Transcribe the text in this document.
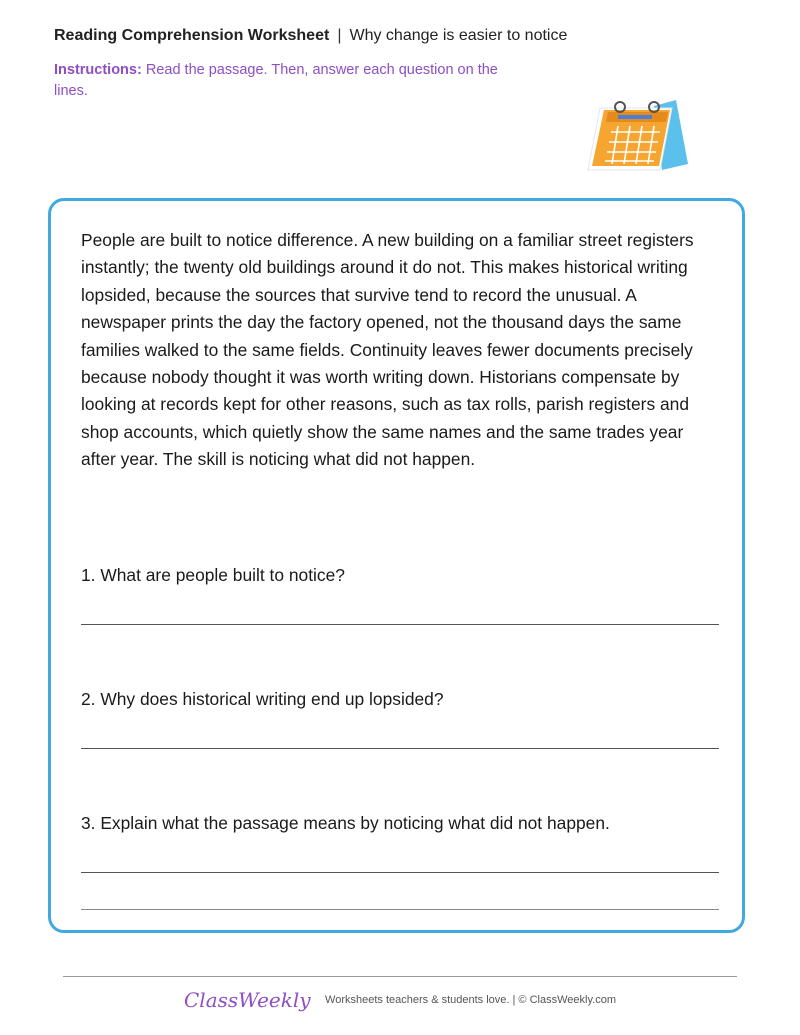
Reading Comprehension Worksheet | Why change is easier to notice
Instructions: Read the passage. Then, answer each question on the lines.
People are built to notice difference. A new building on a familiar street registers instantly; the twenty old buildings around it do not. This makes historical writing lopsided, because the sources that survive tend to record the unusual. A newspaper prints the day the factory opened, not the thousand days the same families walked to the same fields. Continuity leaves fewer documents precisely because nobody thought it was worth writing down. Historians compensate by looking at records kept for other reasons, such as tax rolls, parish registers and shop accounts, which quietly show the same names and the same trades year after year. The skill is noticing what did not happen.
1. What are people built to notice?
2. Why does historical writing end up lopsided?
3. Explain what the passage means by noticing what did not happen.
ClassWeekly Worksheets teachers & students love. | © ClassWeekly.com
